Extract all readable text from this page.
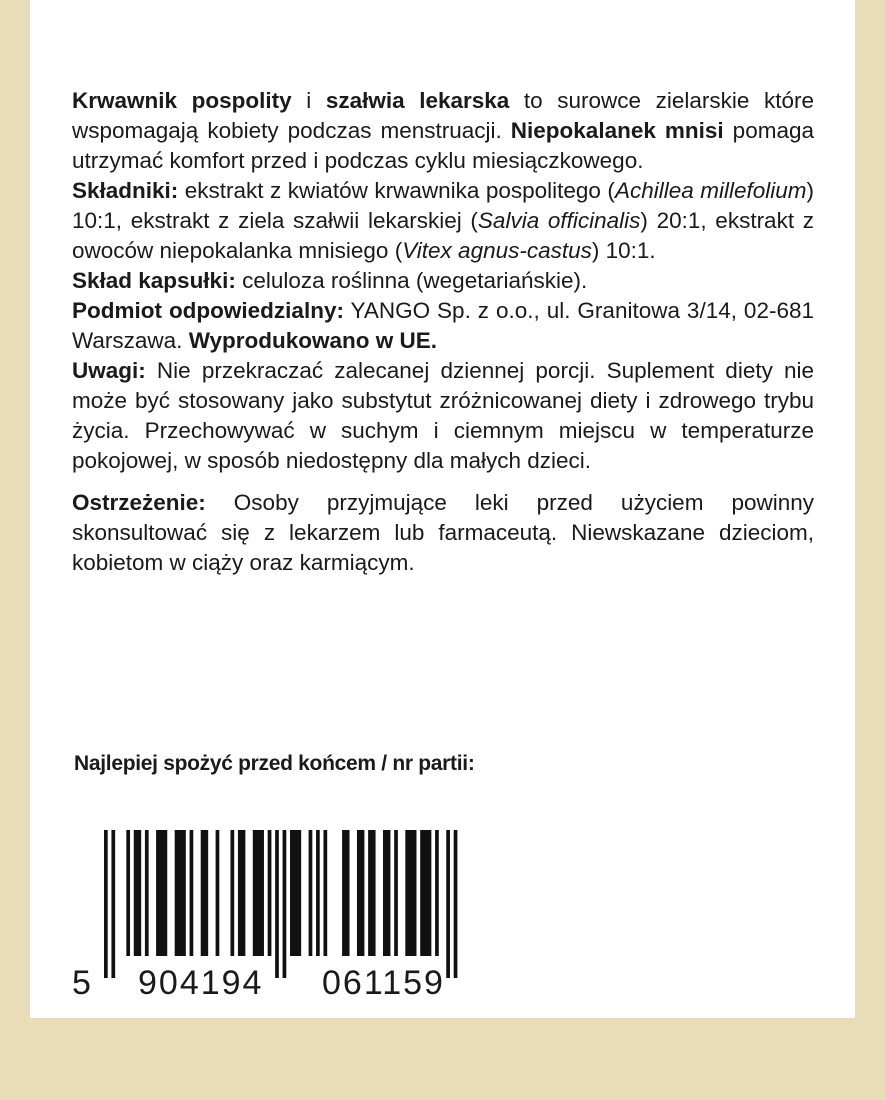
Krwawnik pospolity i szałwia lekarska to surowce zielarskie które wspomagają kobiety podczas menstruacji. Niepokalanek mnisi pomaga utrzymać komfort przed i podczas cyklu miesiączkowego.

Składniki: ekstrakt z kwiatów krwawnika pospolitego (Achillea millefolium) 10:1, ekstrakt z ziela szałwii lekarskiej (Salvia officinalis) 20:1, ekstrakt z owoców niepokalanka mnisiego (Vitex agnus-castus) 10:1.

Skład kapsułki: celuloza roślinna (wegetariańskie).

Podmiot odpowiedzialny: YANGO Sp. z o.o., ul. Granitowa 3/14, 02-681 Warszawa. Wyprodukowano w UE.

Uwagi: Nie przekraczać zalecanej dziennej porcji. Suplement diety nie może być stosowany jako substytut zróżnicowanej diety i zdrowego trybu życia. Przechowywać w suchym i ciemnym miejscu w temperaturze pokojowej, w sposób niedostępny dla małych dzieci.

Ostrzeżenie: Osoby przyjmujące leki przed użyciem powinny skonsultować się z lekarzem lub farmaceutą. Niewskazane dzieciom, kobietom w ciąży oraz karmiącym.

Najlepiej spożyć przed końcem / nr partii:
5 904194 061159
